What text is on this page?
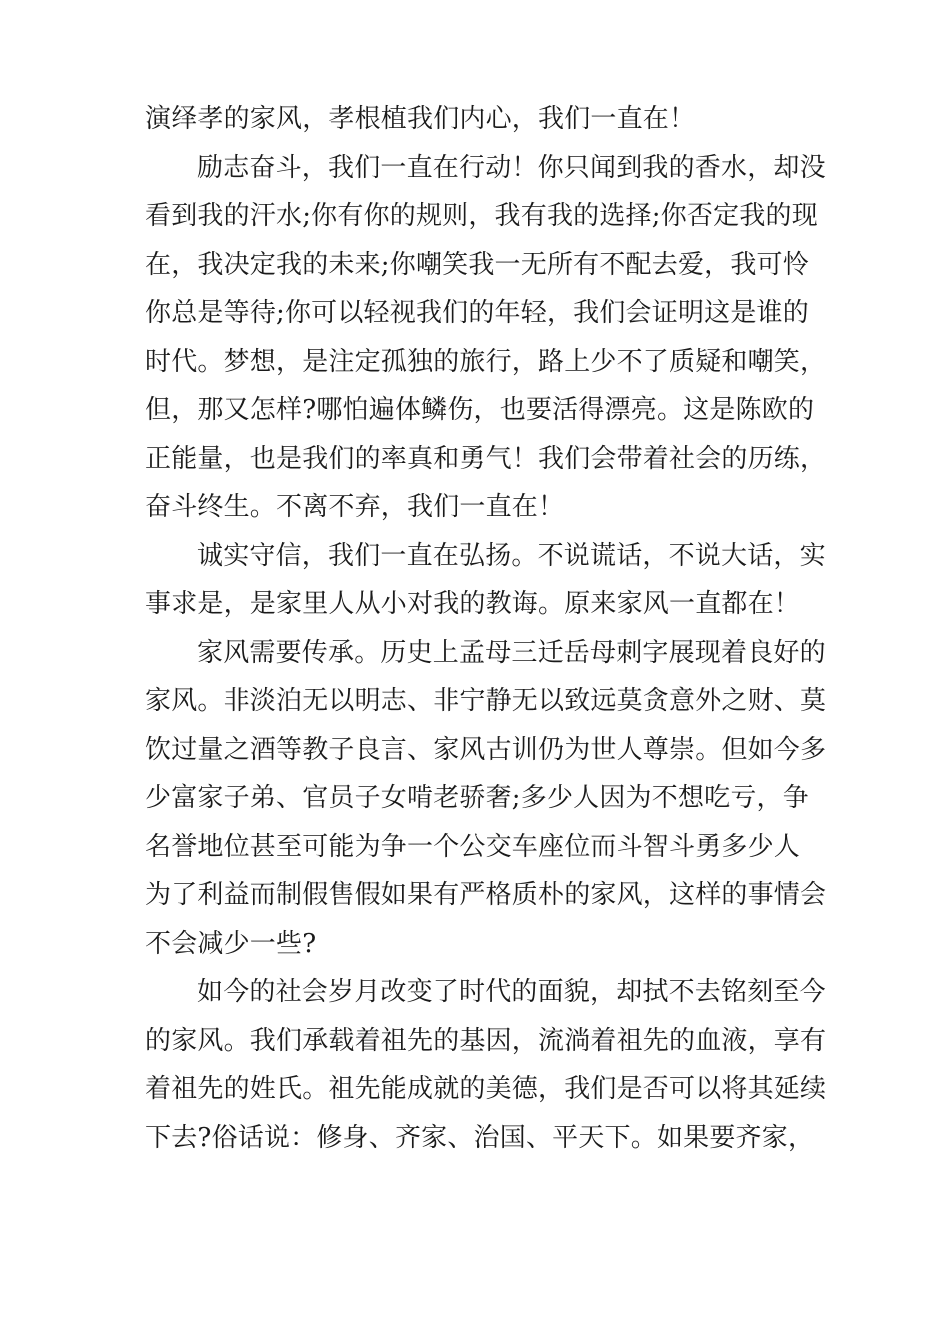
演绎孝的家风，孝根植我们内心，我们一直在！

励志奋斗，我们一直在行动！你只闻到我的香水，却没
看到我的汗水;你有你的规则，我有我的选择;你否定我的现
在，我决定我的未来;你嘲笑我一无所有不配去爱，我可怜
你总是等待;你可以轻视我们的年轻，我们会证明这是谁的
时代。梦想，是注定孤独的旅行，路上少不了质疑和嘲笑，
但，那又怎样?哪怕遍体鳞伤，也要活得漂亮。这是陈欧的
正能量，也是我们的率真和勇气！我们会带着社会的历练，
奋斗终生。不离不弃，我们一直在！

诚实守信，我们一直在弘扬。不说谎话，不说大话，实
事求是，是家里人从小对我的教诲。原来家风一直都在！

家风需要传承。历史上孟母三迁岳母刺字展现着良好的
家风。非淡泊无以明志、非宁静无以致远莫贪意外之财、莫
饮过量之酒等教子良言、家风古训仍为世人尊崇。但如今多
少富家子弟、官员子女啃老骄奢;多少人因为不想吃亏，争
名誉地位甚至可能为争一个公交车座位而斗智斗勇多少人
为了利益而制假售假如果有严格质朴的家风，这样的事情会
不会减少一些?

如今的社会岁月改变了时代的面貌，却拭不去铭刻至今
的家风。我们承载着祖先的基因，流淌着祖先的血液，享有
着祖先的姓氏。祖先能成就的美德，我们是否可以将其延续
下去?俗话说：修身、齐家、治国、平天下。如果要齐家，
